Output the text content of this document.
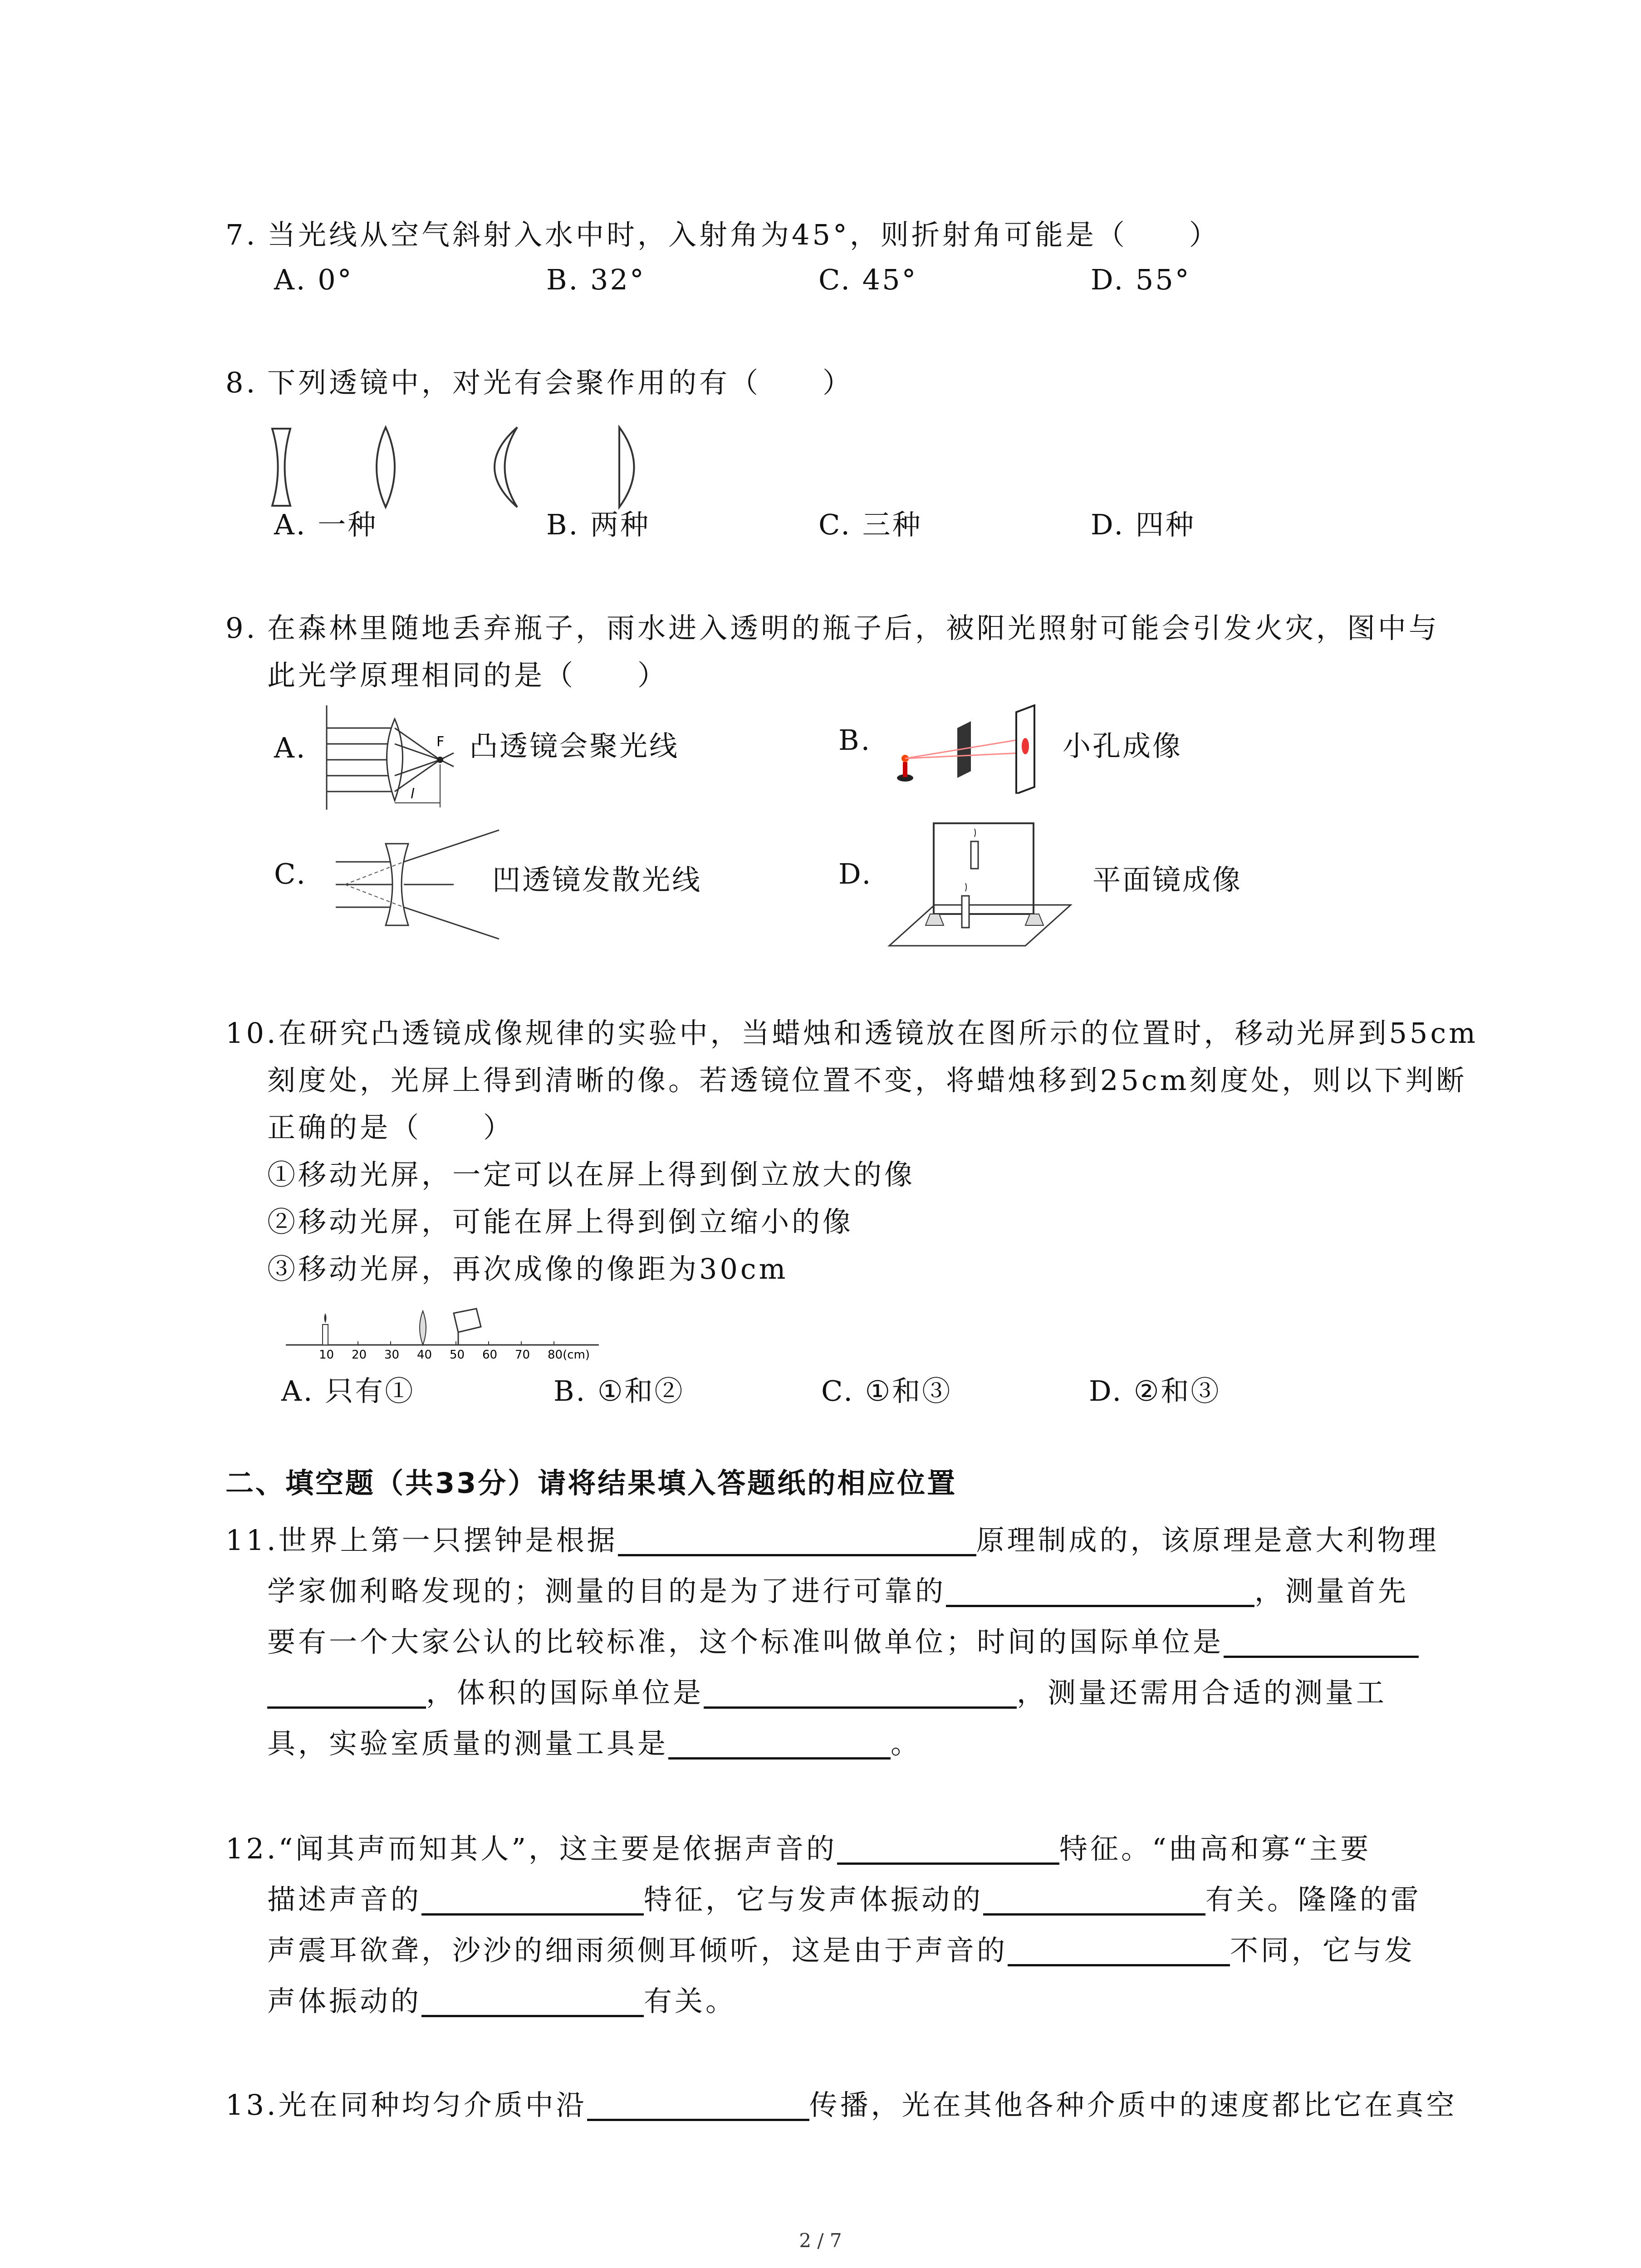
7. 当光线从空气斜射入水中时，入射角为45°，则折射角可能是（　　）
A. 0°	B. 32°	C. 45°	D. 55°
8. 下列透镜中，对光有会聚作用的有（　　）
A. 一种	B. 两种	C. 三种	D. 四种
9. 在森林里随地丢弃瓶子，雨水进入透明的瓶子后，被阳光照射可能会引发火灾，图中与
此光学原理相同的是（　　）
A.	F
l
凸透镜会聚光线	B.	小孔成像
C.	凹透镜发散光线	D.	平面镜成像
10.在研究凸透镜成像规律的实验中，当蜡烛和透镜放在图所示的位置时，移动光屏到55cm
刻度处，光屏上得到清晰的像。若透镜位置不变，将蜡烛移到25cm刻度处，则以下判断
正确的是（　　）
①移动光屏，一定可以在屏上得到倒立放大的像
②移动光屏，可能在屏上得到倒立缩小的像
③移动光屏，再次成像的像距为30cm
10 20 30 40 50 60 70 80(cm)
A. 只有①	B. ①和②	C. ①和③	D. ②和③
二、填空题（共33分）请将结果填入答题纸的相应位置
11.世界上第一只摆钟是根据	原理制成的，该原理是意大利物理
学家伽利略发现的；测量的目的是为了进行可靠的	，测量首先
要有一个大家公认的比较标准，这个标准叫做单位；时间的国际单位是
，体积的国际单位是	，测量还需用合适的测量工
具，实验室质量的测量工具是	。
12.“闻其声而知其人”，这主要是依据声音的	特征。“曲高和寡“主要
描述声音的	特征，它与发声体振动的	有关。隆隆的雷
声震耳欲聋，沙沙的细雨须侧耳倾听，这是由于声音的	不同，它与发
声体振动的	有关。
13.光在同种均匀介质中沿	传播，光在其他各种介质中的速度都比它在真空
2 / 7
